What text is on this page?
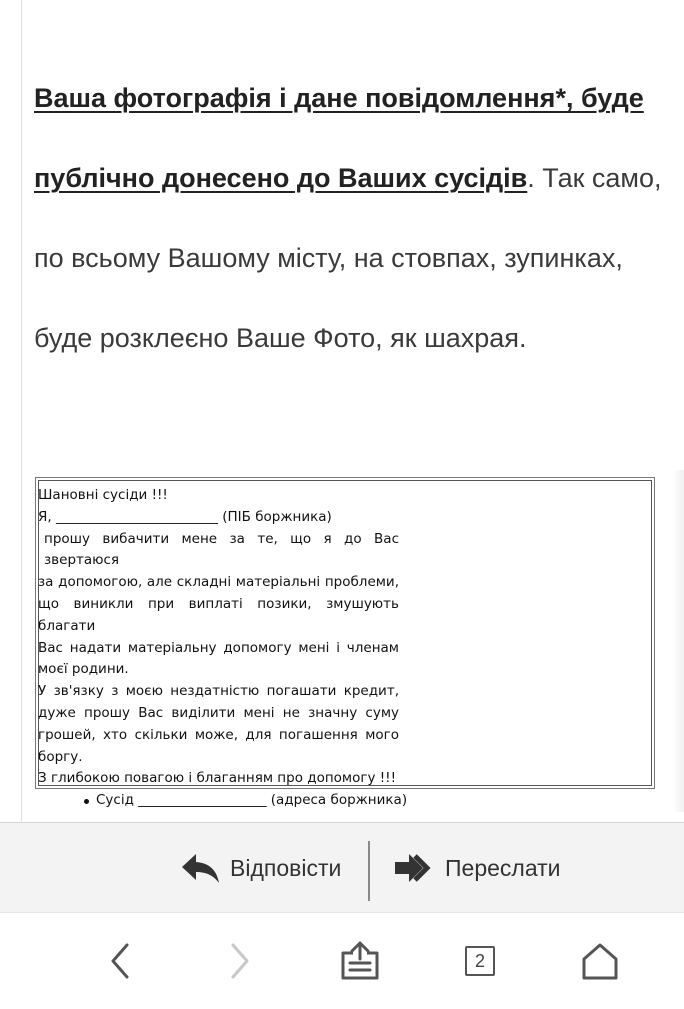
Ваша фотографія і дане повідомлення*, буде

публічно донесено до Ваших сусідів. Так само,

по всьому Вашому місту, на стовпах, зупинках,

буде розклеєно Ваше Фото, як шахрая.

Шановні сусіди !!!
Я, ________________________ (ПІБ боржника)
прошу вибачити мене за те, що я до Вас звертаюся
за допомогою, але складні матеріальні проблеми,
що виникли при виплаті позики, змушують благати
Вас надати матеріальну допомогу мені і членам
моєї родини.
У зв'язку з моєю нездатністю погашати кредит,
дуже прошу Вас виділити мені не значну суму
грошей, хто скільки може, для погашення мого
боргу.
З глибокою повагою і благанням про допомогу !!!
Сусід ___________________ (адреса боржника)
Відповісти	Переслати
2
